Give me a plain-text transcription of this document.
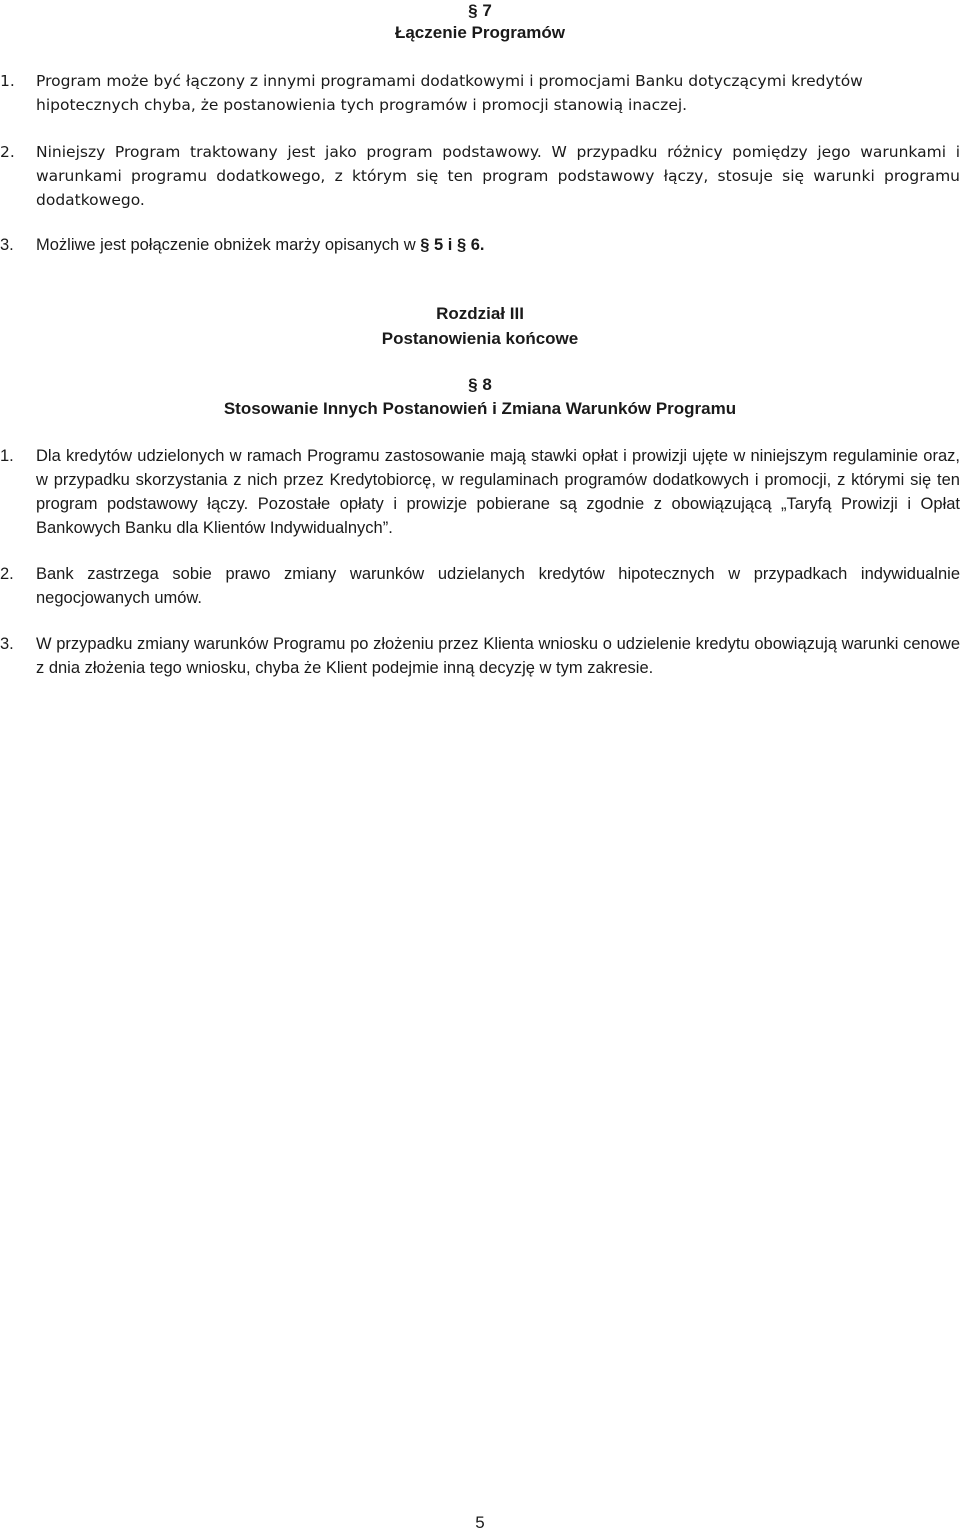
§ 7
Łączenie Programów
1.	Program może być łączony z innymi programami dodatkowymi i promocjami Banku dotyczącymi kredytów hipotecznych chyba, że postanowienia tych programów i promocji stanowią inaczej.
2.	Niniejszy Program traktowany jest jako program podstawowy. W przypadku różnicy pomiędzy jego warunkami i warunkami programu dodatkowego, z którym się ten program podstawowy łączy, stosuje się warunki programu dodatkowego.
3.	Możliwe jest połączenie obniżek marży opisanych w § 5 i § 6.
Rozdział III
Postanowienia końcowe
§ 8
Stosowanie Innych Postanowień i Zmiana Warunków Programu
1.	Dla kredytów udzielonych w ramach Programu zastosowanie mają stawki opłat i prowizji ujęte w niniejszym regulaminie oraz, w przypadku skorzystania z nich przez Kredytobiorcę, w regulaminach programów dodatkowych i promocji, z którymi się ten program podstawowy łączy. Pozostałe opłaty i prowizje pobierane są zgodnie z obowiązującą „Taryfą Prowizji i Opłat Bankowych Banku dla Klientów Indywidualnych”.
2.	Bank zastrzega sobie prawo zmiany warunków udzielanych kredytów hipotecznych w przypadkach indywidualnie negocjowanych umów.
3.	W przypadku zmiany warunków Programu po złożeniu przez Klienta wniosku o udzielenie kredytu obowiązują warunki cenowe z dnia złożenia tego wniosku, chyba że Klient podejmie inną decyzję w tym zakresie.
5
